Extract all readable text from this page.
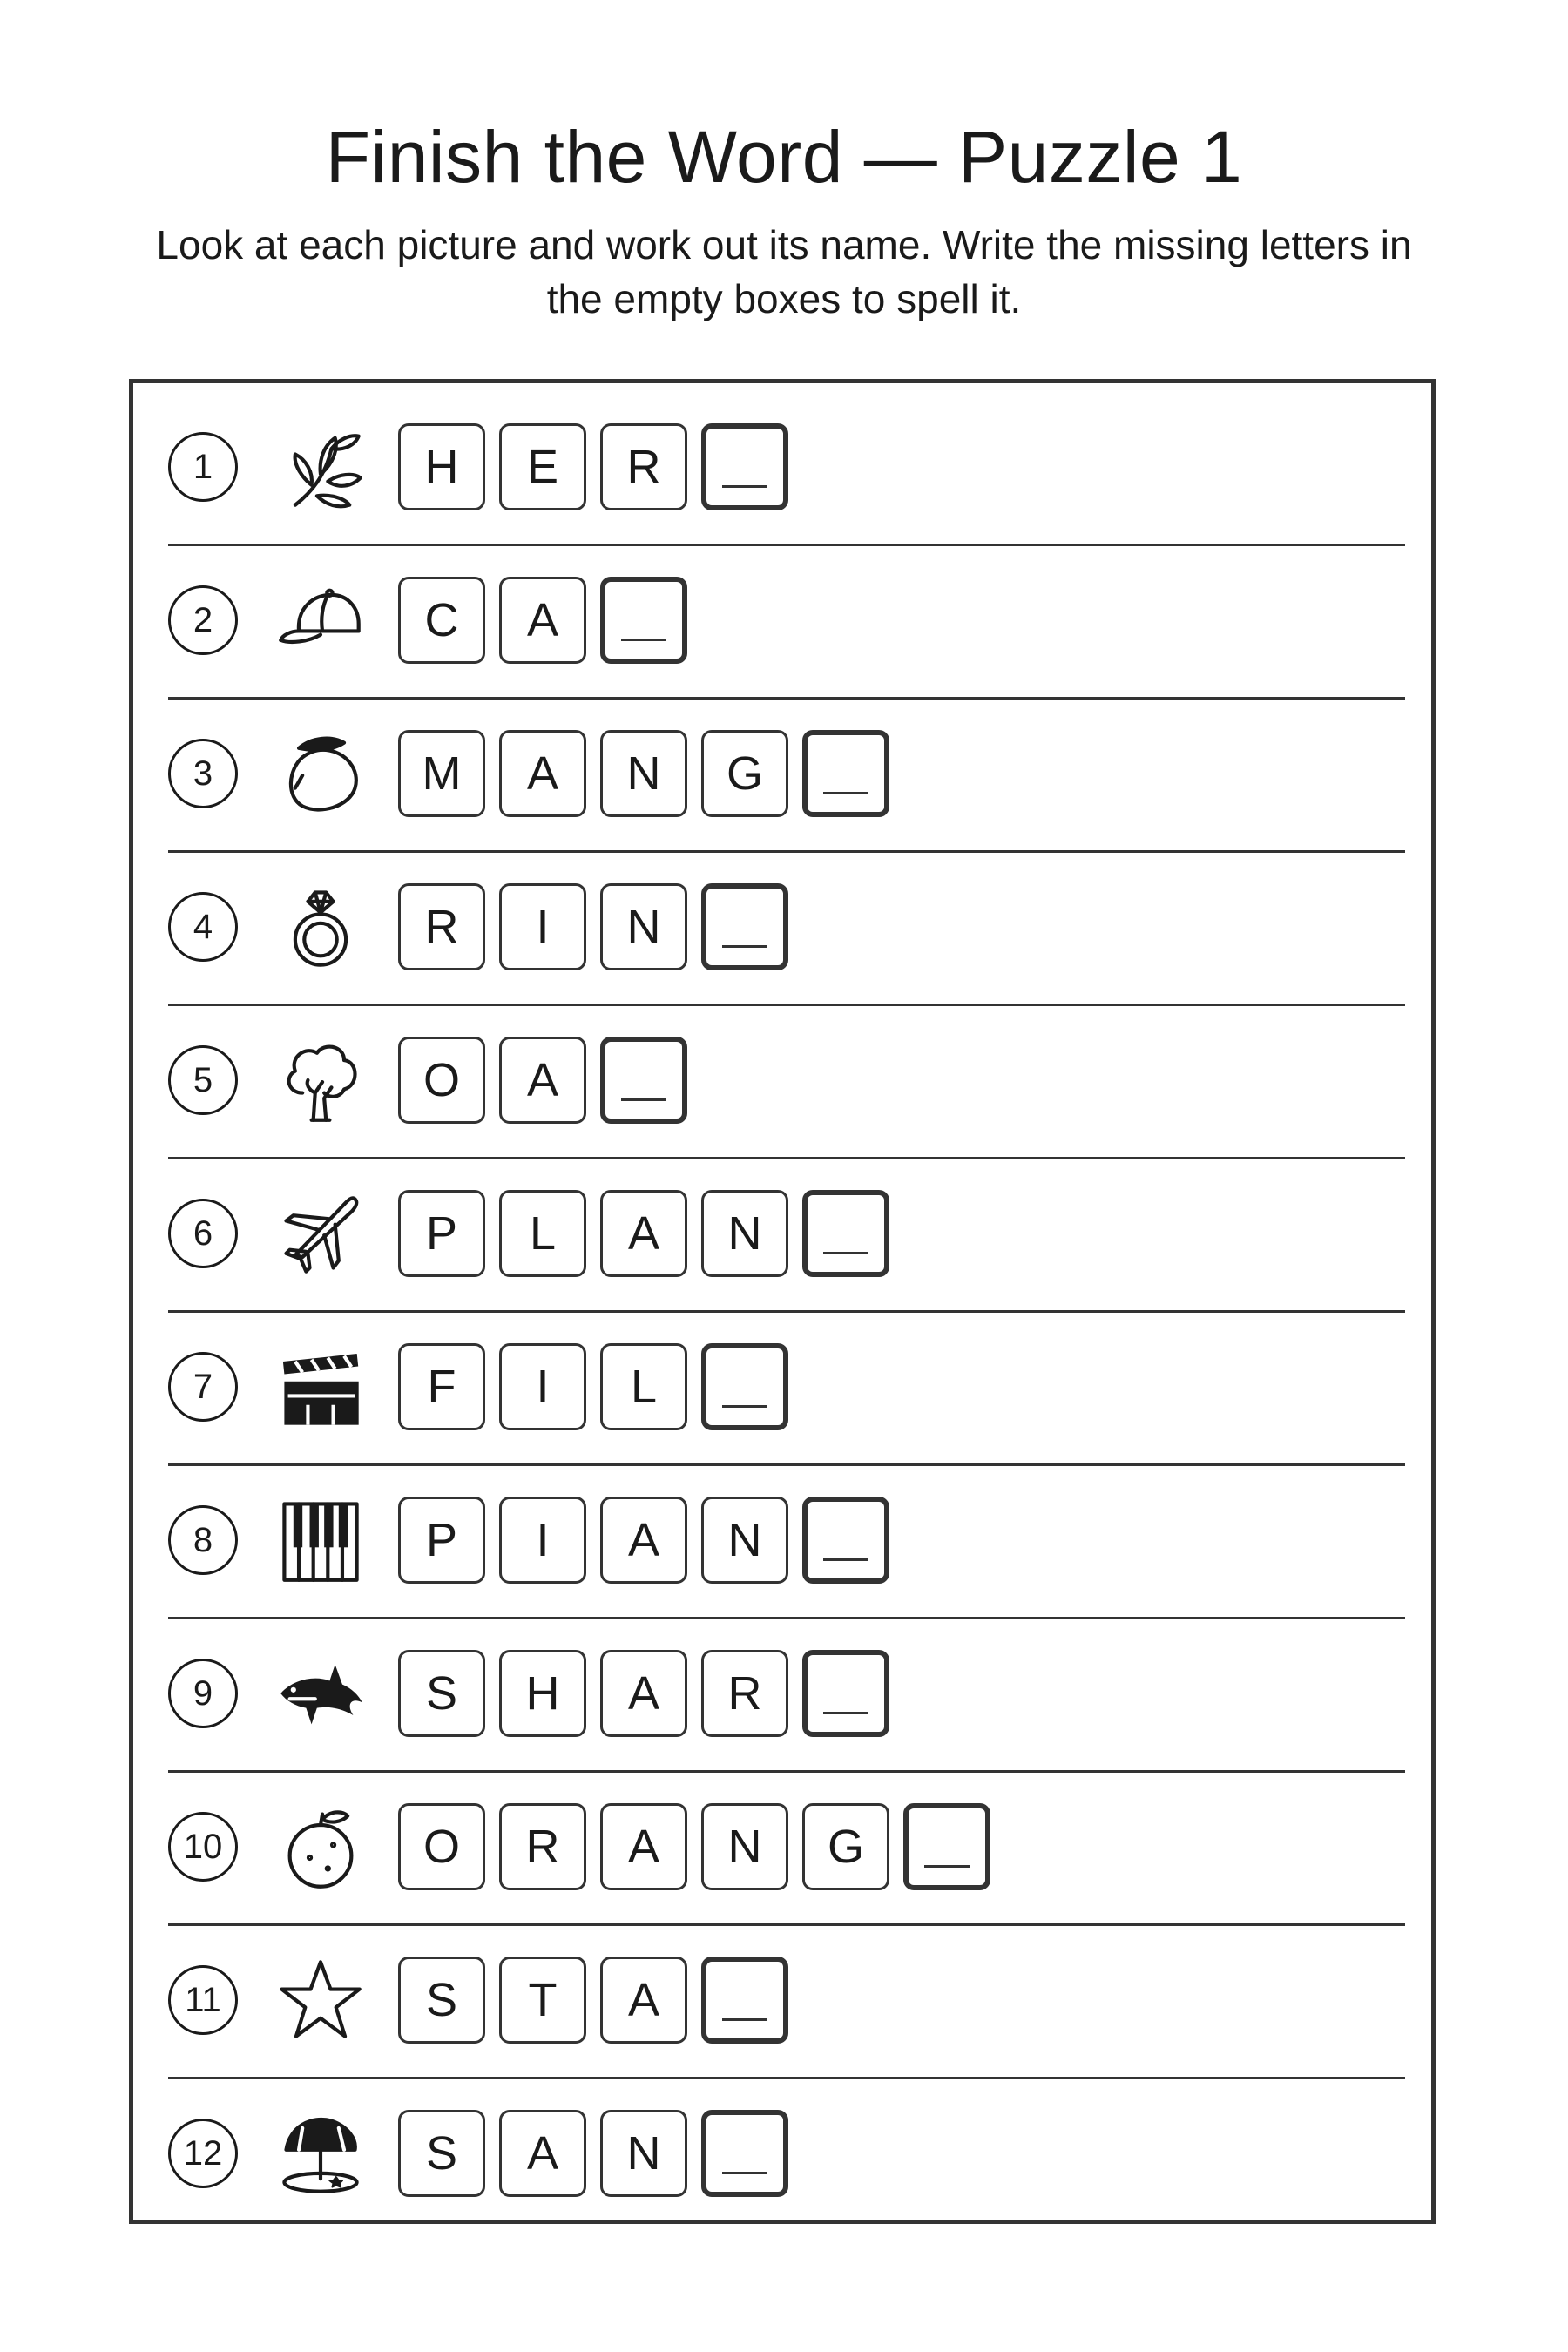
Finish the Word — Puzzle 1

Look at each picture and work out its name. Write the missing letters in the empty boxes to spell it.

1	H	E	R
2	C	A
3	M	A	N	G
4	R	I	N
5	O	A
6	P	L	A	N
7	F	I	L
8	P	I	A	N
9	S	H	A	R
10	O	R	A	N	G
11	S	T	A
12	S	A	N
